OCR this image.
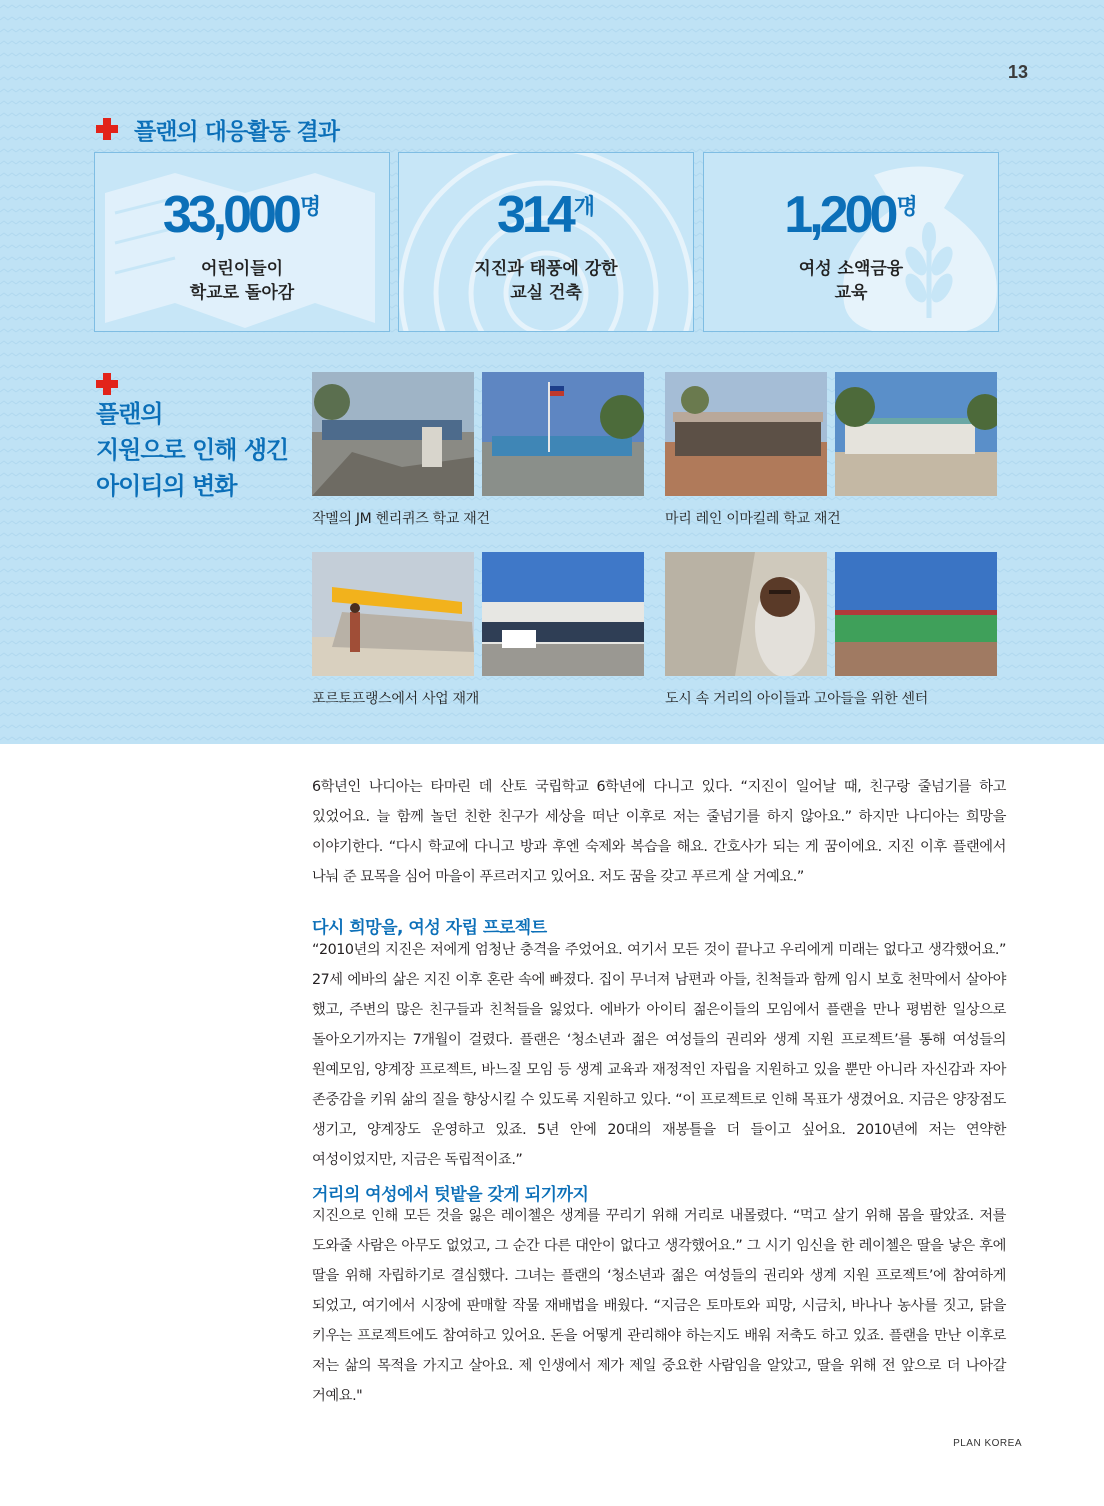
13
플랜의 대응활동 결과
33,000명
어린이들이
학교로 돌아감
314개
지진과 태풍에 강한
교실 건축
1,200명
여성 소액금융
교육
플랜의
지원으로 인해 생긴
아이티의 변화
작멜의 JM 헨리퀴즈 학교 재건	마리 레인 이마킬레 학교 재건
포르토프랭스에서 사업 재개	도시 속 거리의 아이들과 고아들을 위한 센터
6학년인 나디아는 타마린 데 산토 국립학교 6학년에 다니고 있다. “지진이 일어날 때, 친구랑 줄넘기를 하고 있었어요. 늘 함께 놀던 친한 친구가 세상을 떠난 이후로 저는 줄넘기를 하지 않아요.” 하지만 나디아는 희망을 이야기한다. “다시 학교에 다니고 방과 후엔 숙제와 복습을 해요. 간호사가 되는 게 꿈이에요. 지진 이후 플랜에서 나눠 준 묘목을 심어 마을이 푸르러지고 있어요. 저도 꿈을 갖고 푸르게 살 거예요.”
다시 희망을, 여성 자립 프로젝트
“2010년의 지진은 저에게 엄청난 충격을 주었어요. 여기서 모든 것이 끝나고 우리에게 미래는 없다고 생각했어요.” 27세 에바의 삶은 지진 이후 혼란 속에 빠졌다. 집이 무너져 남편과 아들, 친척들과 함께 임시 보호 천막에서 살아야 했고, 주변의 많은 친구들과 친척들을 잃었다. 에바가 아이티 젊은이들의 모임에서 플랜을 만나 평범한 일상으로 돌아오기까지는 7개월이 걸렸다. 플랜은 ‘청소년과 젊은 여성들의 권리와 생계 지원 프로젝트’를 통해 여성들의 원예모임, 양계장 프로젝트, 바느질 모임 등 생계 교육과 재정적인 자립을 지원하고 있을 뿐만 아니라 자신감과 자아 존중감을 키워 삶의 질을 향상시킬 수 있도록 지원하고 있다. “이 프로젝트로 인해 목표가 생겼어요. 지금은 양장점도 생기고, 양계장도 운영하고 있죠. 5년 안에 20대의 재봉틀을 더 들이고 싶어요. 2010년에 저는 연약한 여성이었지만, 지금은 독립적이죠.”
거리의 여성에서 텃밭을 갖게 되기까지
지진으로 인해 모든 것을 잃은 레이첼은 생계를 꾸리기 위해 거리로 내몰렸다. “먹고 살기 위해 몸을 팔았죠. 저를 도와줄 사람은 아무도 없었고, 그 순간 다른 대안이 없다고 생각했어요.” 그 시기 임신을 한 레이첼은 딸을 낳은 후에 딸을 위해 자립하기로 결심했다. 그녀는 플랜의 ‘청소년과 젊은 여성들의 권리와 생계 지원 프로젝트’에 참여하게 되었고, 여기에서 시장에 판매할 작물 재배법을 배웠다. “지금은 토마토와 피망, 시금치, 바나나 농사를 짓고, 닭을 키우는 프로젝트에도 참여하고 있어요. 돈을 어떻게 관리해야 하는지도 배워 저축도 하고 있죠. 플랜을 만난 이후로 저는 삶의 목적을 가지고 살아요. 제 인생에서 제가 제일 중요한 사람임을 알았고, 딸을 위해 전 앞으로 더 나아갈 거예요."
PLAN KOREA
